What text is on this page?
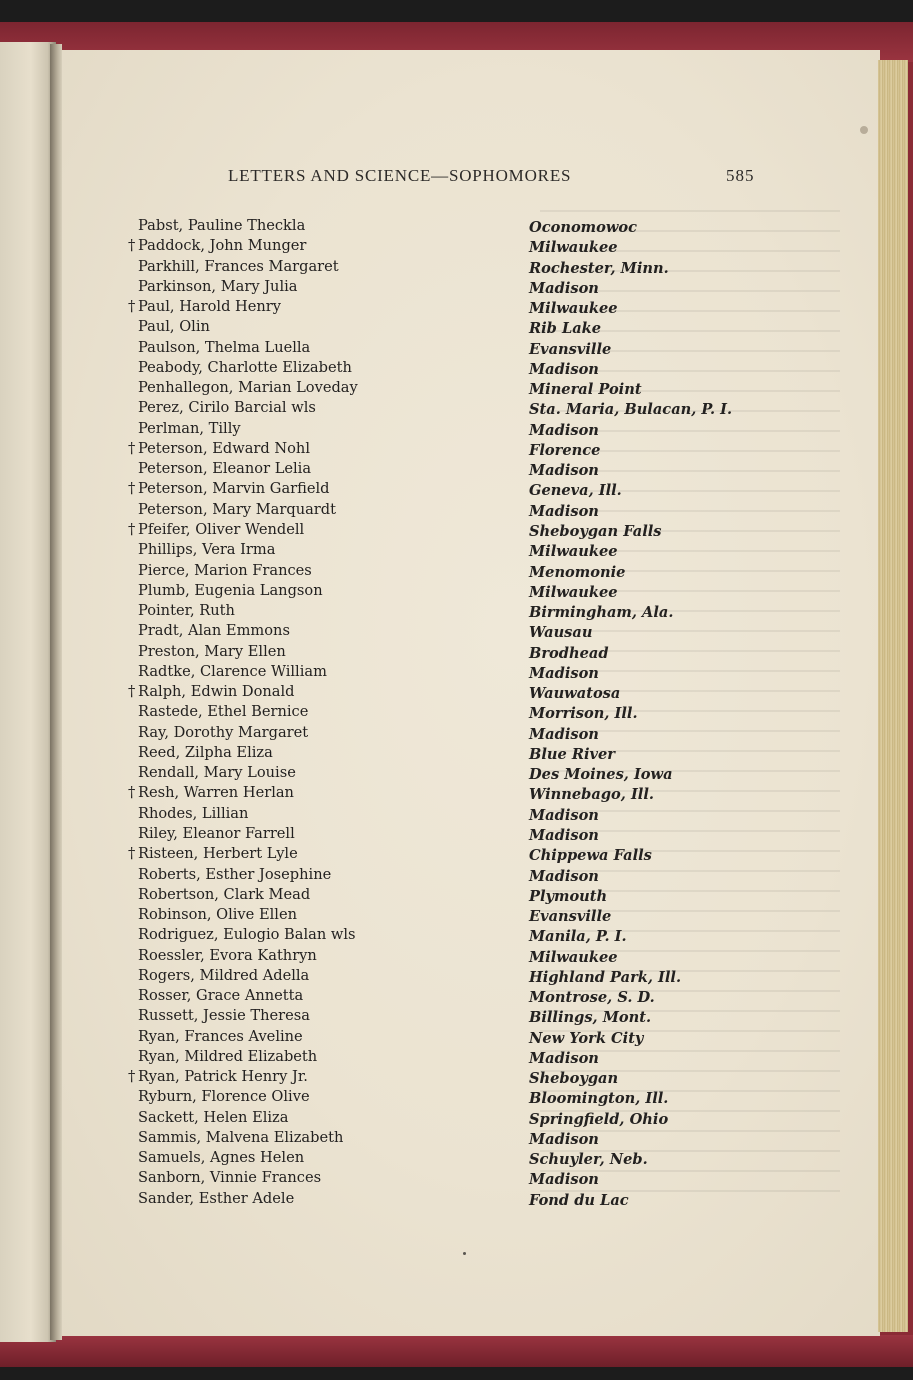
LETTERS AND SCIENCE—SOPHOMORES	585
Pabst, Pauline Theckla
† Paddock, John Munger
Parkhill, Frances Margaret
Parkinson, Mary Julia
† Paul, Harold Henry
Paul, Olin
Paulson, Thelma Luella
Peabody, Charlotte Elizabeth
Penhallegon, Marian Loveday
Perez, Cirilo Barcial wls
Perlman, Tilly
† Peterson, Edward Nohl
Peterson, Eleanor Lelia
† Peterson, Marvin Garfield
Peterson, Mary Marquardt
† Pfeifer, Oliver Wendell
Phillips, Vera Irma
Pierce, Marion Frances
Plumb, Eugenia Langson
Pointer, Ruth
Pradt, Alan Emmons
Preston, Mary Ellen
Radtke, Clarence William
† Ralph, Edwin Donald
Rastede, Ethel Bernice
Ray, Dorothy Margaret
Reed, Zilpha Eliza
Rendall, Mary Louise
† Resh, Warren Herlan
Rhodes, Lillian
Riley, Eleanor Farrell
† Risteen, Herbert Lyle
Roberts, Esther Josephine
Robertson, Clark Mead
Robinson, Olive Ellen
Rodriguez, Eulogio Balan wls
Roessler, Evora Kathryn
Rogers, Mildred Adella
Rosser, Grace Annetta
Russett, Jessie Theresa
Ryan, Frances Aveline
Ryan, Mildred Elizabeth
† Ryan, Patrick Henry Jr.
Ryburn, Florence Olive
Sackett, Helen Eliza
Sammis, Malvena Elizabeth
Samuels, Agnes Helen
Sanborn, Vinnie Frances
Sander, Esther Adele
Oconomowoc
Milwaukee
Rochester, Minn.
Madison
Milwaukee
Rib Lake
Evansville
Madison
Mineral Point
Sta. Maria, Bulacan, P. I.
Madison
Florence
Madison
Geneva, Ill.
Madison
Sheboygan Falls
Milwaukee
Menomonie
Milwaukee
Birmingham, Ala.
Wausau
Brodhead
Madison
Wauwatosa
Morrison, Ill.
Madison
Blue River
Des Moines, Iowa
Winnebago, Ill.
Madison
Madison
Chippewa Falls
Madison
Plymouth
Evansville
Manila, P. I.
Milwaukee
Highland Park, Ill.
Montrose, S. D.
Billings, Mont.
New York City
Madison
Sheboygan
Bloomington, Ill.
Springfield, Ohio
Madison
Schuyler, Neb.
Madison
Fond du Lac
